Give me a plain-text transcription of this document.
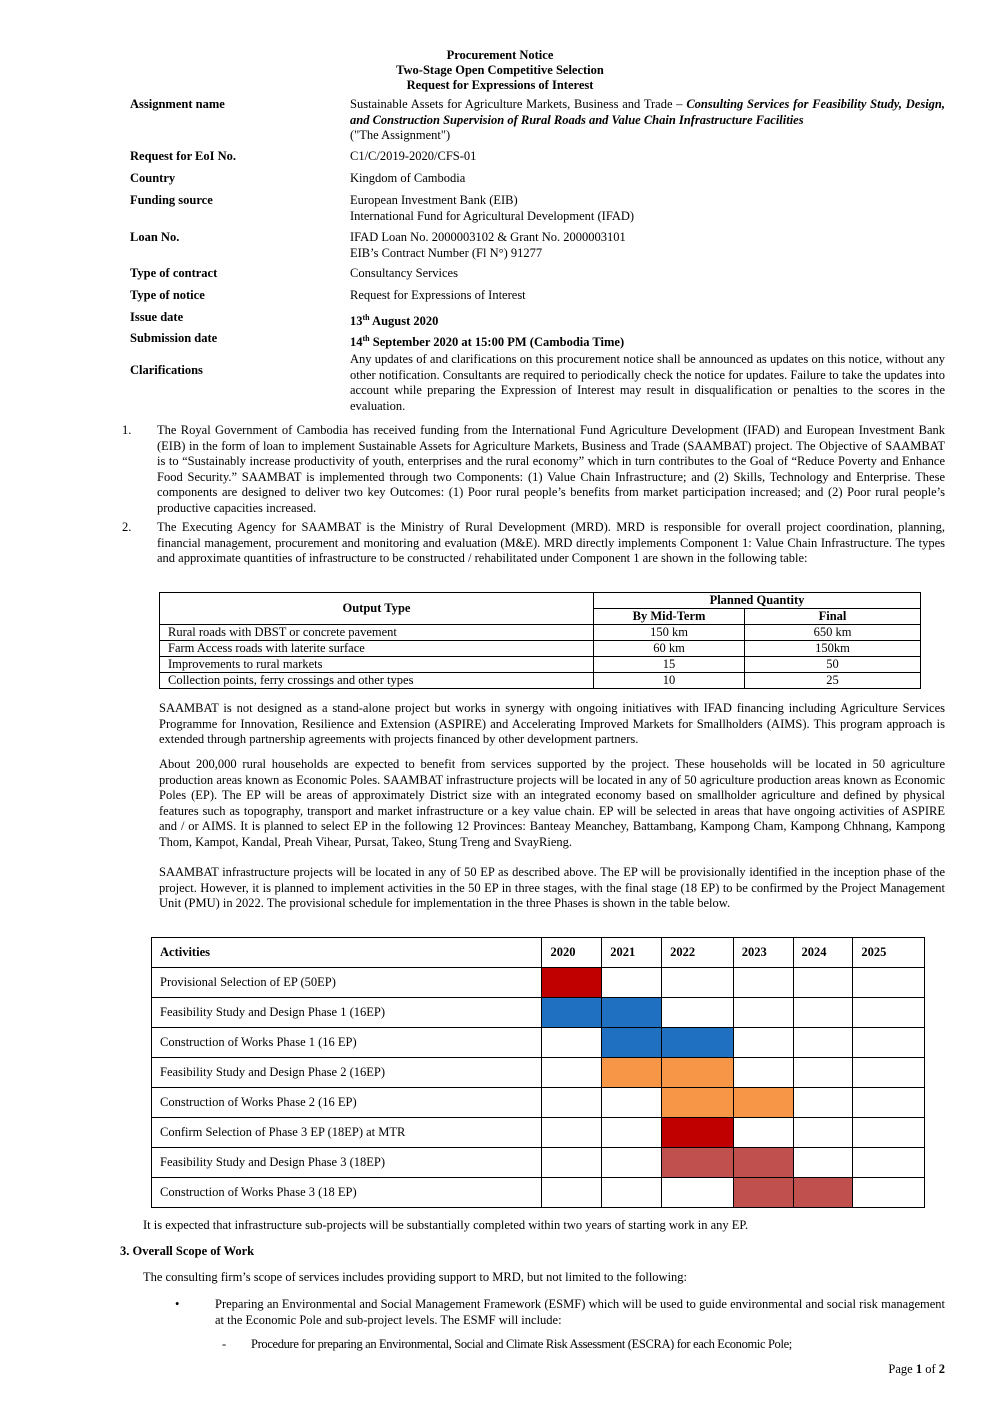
Procurement Notice
Two-Stage Open Competitive Selection
Request for Expressions of Interest
Assignment name	Sustainable Assets for Agriculture Markets, Business and Trade – Consulting Services for Feasibility Study, Design, and Construction Supervision of Rural Roads and Value Chain Infrastructure Facilities
("The Assignment")
Request for EoI No.	C1/C/2019-2020/CFS-01
Country	Kingdom of Cambodia
Funding source	European Investment Bank (EIB)
International Fund for Agricultural Development (IFAD)
Loan No.	IFAD Loan No. 2000003102 & Grant No. 2000003101
EIB’s Contract Number (Fl N°) 91277
Type of contract	Consultancy Services
Type of notice	Request for Expressions of Interest
Issue date	13th August 2020
Submission date	14th September 2020 at 15:00 PM (Cambodia Time)
Clarifications
Any updates of and clarifications on this procurement notice shall be announced as updates on this notice, without any other notification. Consultants are required to periodically check the notice for updates. Failure to take the updates into account while preparing the Expression of Interest may result in disqualification or penalties to the scores in the evaluation.
1. The Royal Government of Cambodia has received funding from the International Fund Agriculture Development (IFAD) and European Investment Bank (EIB) in the form of loan to implement Sustainable Assets for Agriculture Markets, Business and Trade (SAAMBAT) project. The Objective of SAAMBAT is to “Sustainably increase productivity of youth, enterprises and the rural economy” which in turn contributes to the Goal of “Reduce Poverty and Enhance Food Security.” SAAMBAT is implemented through two Components: (1) Value Chain Infrastructure; and (2) Skills, Technology and Enterprise. These components are designed to deliver two key Outcomes: (1) Poor rural people’s benefits from market participation increased; and (2) Poor rural people’s productive capacities increased.
2. The Executing Agency for SAAMBAT is the Ministry of Rural Development (MRD). MRD is responsible for overall project coordination, planning, financial management, procurement and monitoring and evaluation (M&E). MRD directly implements Component 1: Value Chain Infrastructure. The types and approximate quantities of infrastructure to be constructed / rehabilitated under Component 1 are shown in the following table:
Output Type	Planned Quantity	
	By Mid-Term	Final
Rural roads with DBST or concrete pavement	150 km	650 km
Farm Access roads with laterite surface	60 km	150km
Improvements to rural markets	15	50
Collection points, ferry crossings and other types	10	25
SAAMBAT is not designed as a stand-alone project but works in synergy with ongoing initiatives with IFAD financing including Agriculture Services Programme for Innovation, Resilience and Extension (ASPIRE) and Accelerating Improved Markets for Smallholders (AIMS). This program approach is extended through partnership agreements with projects financed by other development partners.
About 200,000 rural households are expected to benefit from services supported by the project. These households will be located in 50 agriculture production areas known as Economic Poles. SAAMBAT infrastructure projects will be located in any of 50 agriculture production areas known as Economic Poles (EP). The EP will be areas of approximately District size with an integrated economy based on smallholder agriculture and defined by physical features such as topography, transport and market infrastructure or a key value chain. EP will be selected in areas that have ongoing activities of ASPIRE and / or AIMS. It is planned to select EP in the following 12 Provinces: Banteay Meanchey, Battambang, Kampong Cham, Kampong Chhnang, Kampong Thom, Kampot, Kandal, Preah Vihear, Pursat, Takeo, Stung Treng and SvayRieng.
SAAMBAT infrastructure projects will be located in any of 50 EP as described above. The EP will be provisionally identified in the inception phase of the project. However, it is planned to implement activities in the 50 EP in three stages, with the final stage (18 EP) to be confirmed by the Project Management Unit (PMU) in 2022. The provisional schedule for implementation in the three Phases is shown in the table below.
Activities	2020	2021	2022	2023	2024	2025
Provisional Selection of EP (50EP)						
Feasibility Study and Design Phase 1 (16EP)						
Construction of Works Phase 1 (16 EP)						
Feasibility Study and Design Phase 2 (16EP)						
Construction of Works Phase 2 (16 EP)						
Confirm Selection of Phase 3 EP (18EP) at MTR						
Feasibility Study and Design Phase 3 (18EP)						
Construction of Works Phase 3 (18 EP)						
It is expected that infrastructure sub-projects will be substantially completed within two years of starting work in any EP.
3. Overall Scope of Work
The consulting firm’s scope of services includes providing support to MRD, but not limited to the following:
•	Preparing an Environmental and Social Management Framework (ESMF) which will be used to guide environmental and social risk management at the Economic Pole and sub-project levels. The ESMF will include:
- Procedure for preparing an Environmental, Social and Climate Risk Assessment (ESCRA) for each Economic Pole;
Page 1 of 2
